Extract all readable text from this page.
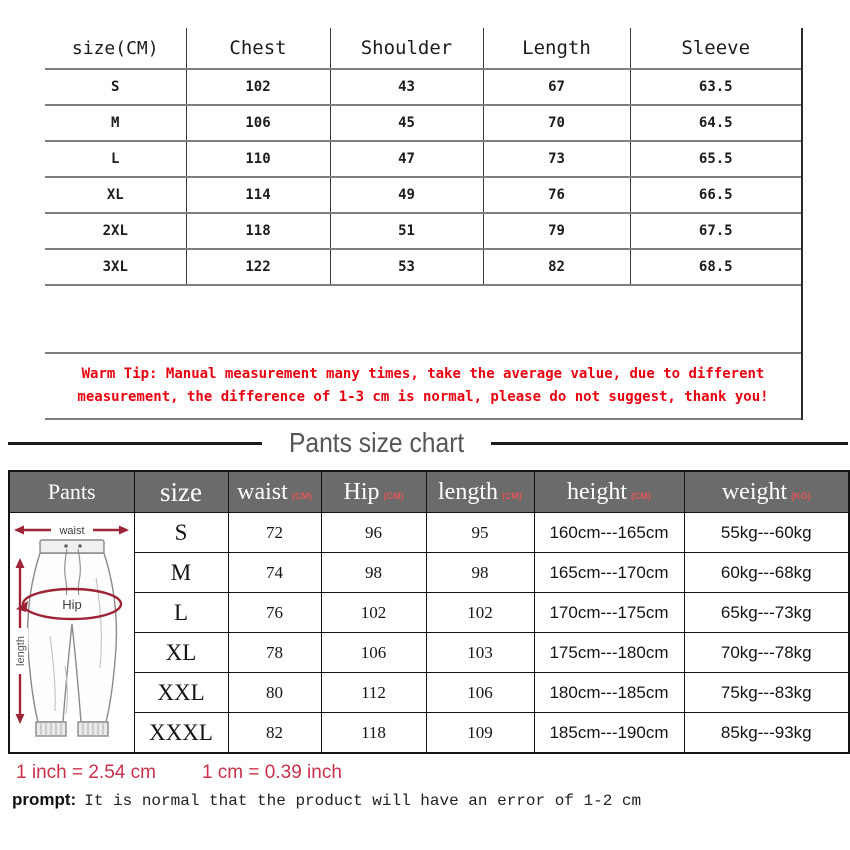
size(CM)	Chest	Shoulder	Length	Sleeve
S	102	43	67	63.5
M	106	45	70	64.5
L	110	47	73	65.5
XL	114	49	76	66.5
2XL	118	51	79	67.5
3XL	122	53	82	68.5
Warm Tip: Manual measurement many times, take the average value, due to different
measurement, the difference of 1-3 cm is normal, please do not suggest, thank you!
Pants size chart
Pants	size	waist (CM)	Hip (CM)	length (CM)	height (CM)	weight (KG)

waist
Hip
length	S	72	96	95	160cm---165cm	55kg---60kg
	M	74	98	98	165cm---170cm	60kg---68kg
	L	76	102	102	170cm---175cm	65kg---73kg
	XL	78	106	103	175cm---180cm	70kg---78kg
	XXL	80	112	106	180cm---185cm	75kg---83kg
	XXXL	82	118	109	185cm---190cm	85kg---93kg
1 inch = 2.54 cm 1 cm = 0.39 inch
prompt: It is normal that the product will have an error of 1-2 cm
